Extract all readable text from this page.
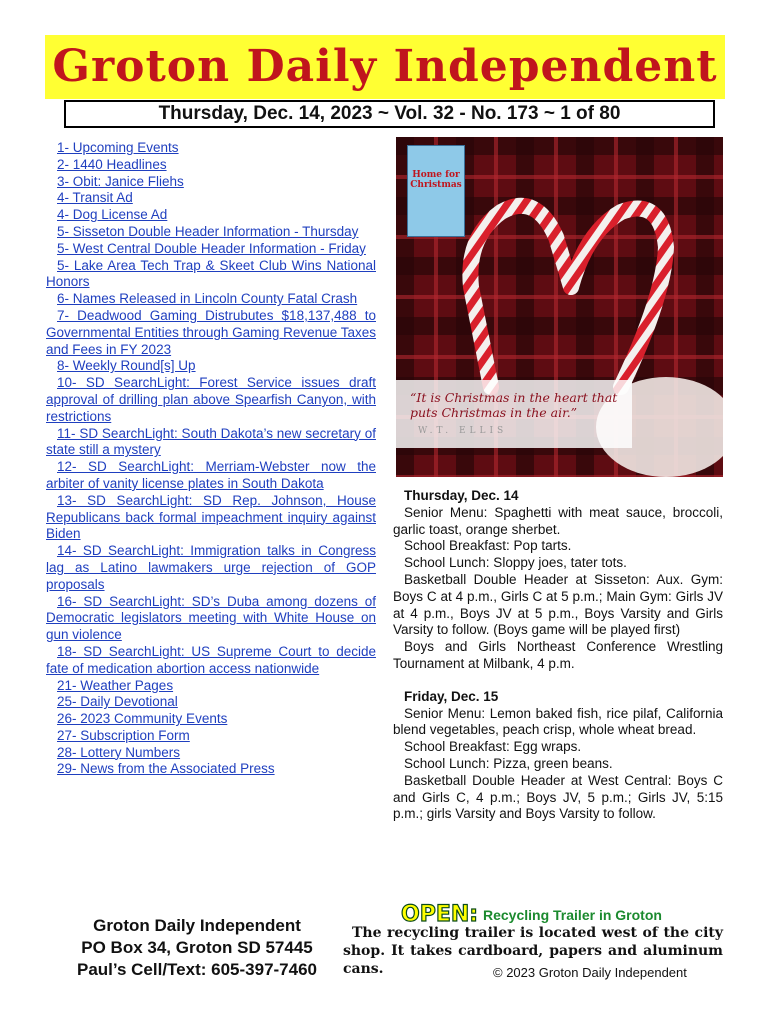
Groton Daily Independent
Thursday, Dec. 14, 2023 ~ Vol. 32 - No. 173 ~ 1 of 80
1- Upcoming Events
2- 1440 Headlines
3- Obit: Janice Fliehs
4- Transit Ad
4- Dog License Ad
5- Sisseton Double Header Information - Thursday
5- West Central Double Header Information - Friday
5- Lake Area Tech Trap & Skeet Club Wins National Honors
6- Names Released in Lincoln County Fatal Crash
7- Deadwood Gaming Distrubutes $18,137,488 to Governmental Entities through Gaming Revenue Taxes and Fees in FY 2023
8- Weekly Round[s] Up
10- SD SearchLight: Forest Service issues draft approval of drilling plan above Spearfish Canyon, with restrictions
11- SD SearchLight: South Dakota’s new secretary of state still a mystery
12- SD SearchLight: Merriam-Webster now the arbiter of vanity license plates in South Dakota
13- SD SearchLight: SD Rep. Johnson, House Republicans back formal impeachment inquiry against Biden
14- SD SearchLight: Immigration talks in Congress lag as Latino lawmakers urge rejection of GOP proposals
16- SD SearchLight: SD’s Duba among dozens of Democratic legislators meeting with White House on gun violence
18- SD SearchLight: US Supreme Court to decide fate of medication abortion access nationwide
21- Weather Pages
25- Daily Devotional
26- 2023 Community Events
27- Subscription Form
28- Lottery Numbers
29- News from the Associated Press
Home for Christmas
“It is Christmas in the heart that puts Christmas in the air.”
W.T. ELLIS
Thursday, Dec. 14

Senior Menu: Spaghetti with meat sauce, broccoli, garlic toast, orange sherbet.

School Breakfast: Pop tarts.

School Lunch: Sloppy joes, tater tots.

Basketball Double Header at Sisseton: Aux. Gym: Boys C at 4 p.m., Girls C at 5 p.m.; Main Gym: Girls JV at 4 p.m., Boys JV at 5 p.m., Boys Varsity and Girls Varsity to follow. (Boys game will be played first)

Boys and Girls Northeast Conference Wrestling Tournament at Milbank, 4 p.m.

Friday, Dec. 15

Senior Menu: Lemon baked fish, rice pilaf, California blend vegetables, peach crisp, whole wheat bread.

School Breakfast: Egg wraps.

School Lunch: Pizza, green beans.

Basketball Double Header at West Central: Boys C and Girls C, 4 p.m.; Boys JV, 5 p.m.; Girls JV, 5:15 p.m.; girls Varsity and Boys Varsity to follow.

Groton Daily Independent
PO Box 34, Groton SD 57445
Paul’s Cell/Text: 605-397-7460
OPEN: Recycling Trailer in Groton
The recycling trailer is located west of the city shop. It takes cardboard, papers and aluminum cans.	© 2023 Groton Daily Independent
